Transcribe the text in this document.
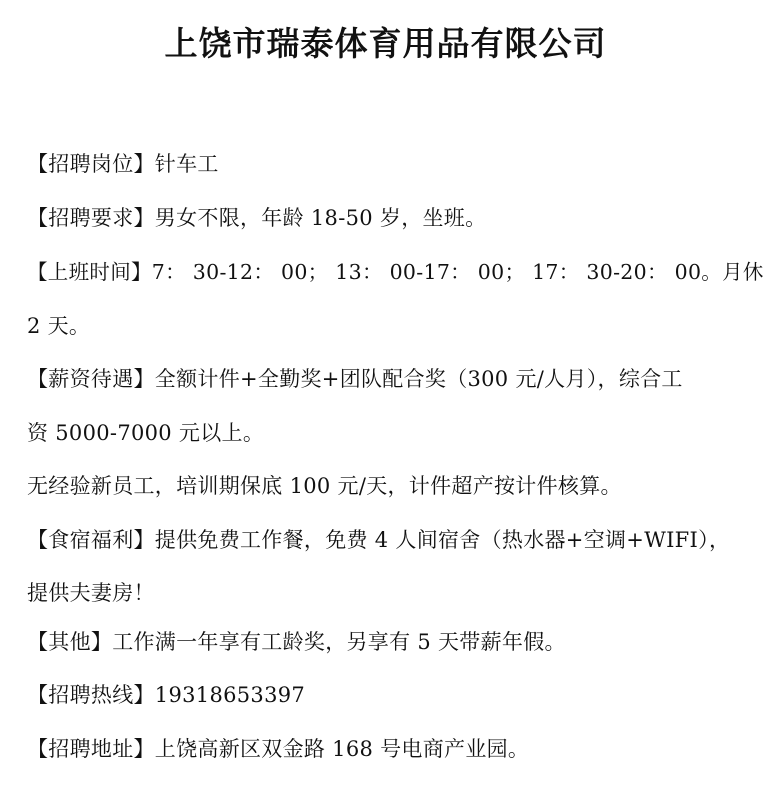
上饶市瑞泰体育用品有限公司
【招聘岗位】针车工
【招聘要求】男女不限，年龄 18-50 岁，坐班。
【上班时间】7： 30-12： 00； 13： 00-17： 00； 17： 30-20： 00。月休
2 天。
【薪资待遇】全额计件+全勤奖+团队配合奖（300 元/人月），综合工
资 5000-7000 元以上。
无经验新员工，培训期保底 100 元/天，计件超产按计件核算。
【食宿福利】提供免费工作餐，免费 4 人间宿舍（热水器+空调+WIFI），
提供夫妻房！
【其他】工作满一年享有工龄奖，另享有 5 天带薪年假。
【招聘热线】19318653397
【招聘地址】上饶高新区双金路 168 号电商产业园。
